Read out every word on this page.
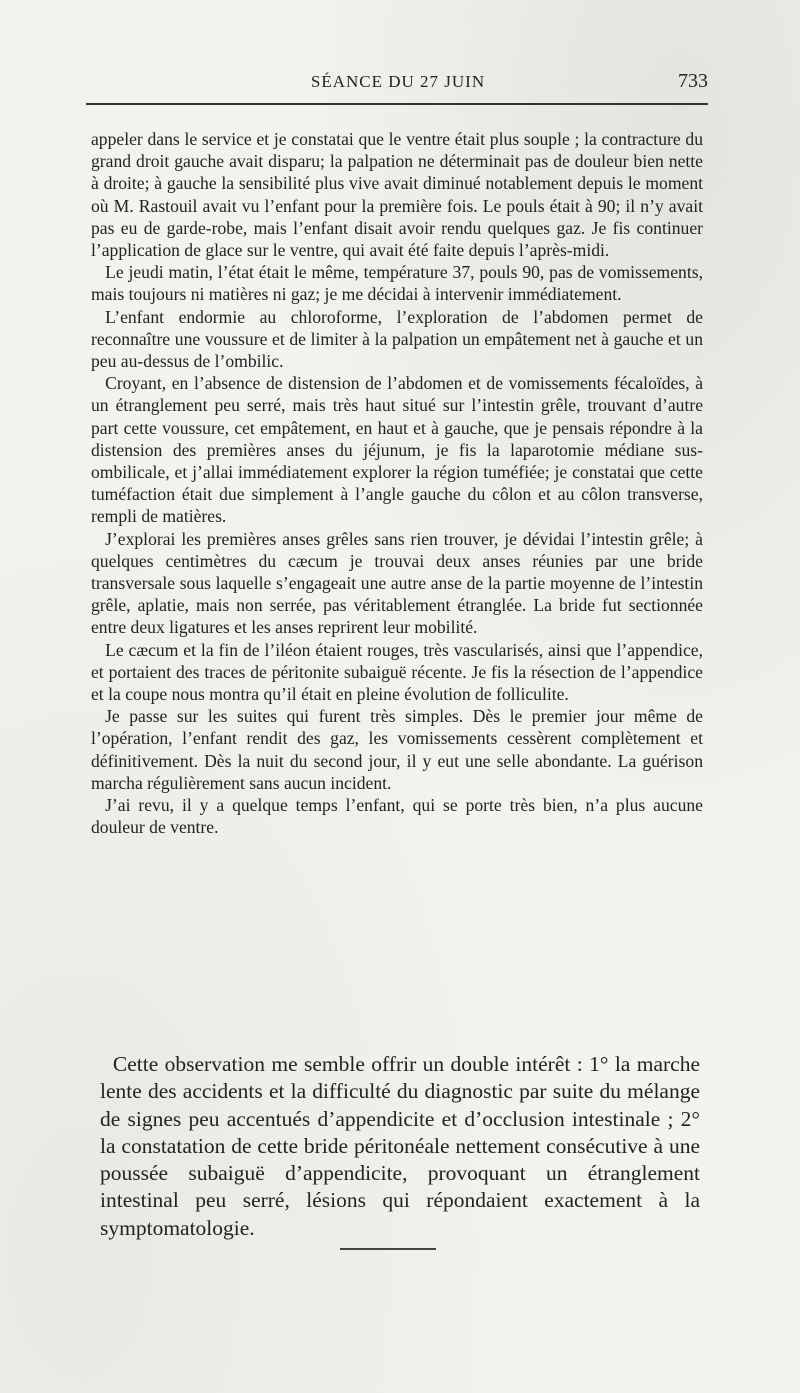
SÉANCE DU 27 JUIN	733

appeler dans le service et je constatai que le ventre était plus souple ; la contracture du grand droit gauche avait disparu; la palpation ne déterminait pas de douleur bien nette à droite; à gauche la sensibilité plus vive avait diminué notablement depuis le moment où M. Rastouil avait vu l’enfant pour la première fois. Le pouls était à 90; il n’y avait pas eu de garde-robe, mais l’enfant disait avoir rendu quelques gaz. Je fis continuer l’application de glace sur le ventre, qui avait été faite depuis l’après-midi.

Le jeudi matin, l’état était le même, température 37, pouls 90, pas de vomissements, mais toujours ni matières ni gaz; je me décidai à intervenir immédiatement.

L’enfant endormie au chloroforme, l’exploration de l’abdomen permet de reconnaître une voussure et de limiter à la palpation un empâtement net à gauche et un peu au-dessus de l’ombilic.

Croyant, en l’absence de distension de l’abdomen et de vomissements fécaloïdes, à un étranglement peu serré, mais très haut situé sur l’intestin grêle, trouvant d’autre part cette voussure, cet empâtement, en haut et à gauche, que je pensais répondre à la distension des premières anses du jéjunum, je fis la laparotomie médiane sus-ombilicale, et j’allai immédiatement explorer la région tuméfiée; je constatai que cette tuméfaction était due simplement à l’angle gauche du côlon et au côlon transverse, rempli de matières.

J’explorai les premières anses grêles sans rien trouver, je dévidai l’intestin grêle; à quelques centimètres du cæcum je trouvai deux anses réunies par une bride transversale sous laquelle s’engageait une autre anse de la partie moyenne de l’intestin grêle, aplatie, mais non serrée, pas véritablement étranglée. La bride fut sectionnée entre deux ligatures et les anses reprirent leur mobilité.

Le cæcum et la fin de l’iléon étaient rouges, très vascularisés, ainsi que l’appendice, et portaient des traces de péritonite subaiguë récente. Je fis la résection de l’appendice et la coupe nous montra qu’il était en pleine évolution de folliculite.

Je passe sur les suites qui furent très simples. Dès le premier jour même de l’opération, l’enfant rendit des gaz, les vomissements cessèrent complètement et définitivement. Dès la nuit du second jour, il y eut une selle abondante. La guérison marcha régulièrement sans aucun incident.

J’ai revu, il y a quelque temps l’enfant, qui se porte très bien, n’a plus aucune douleur de ventre.

Cette observation me semble offrir un double intérêt : 1° la marche lente des accidents et la difficulté du diagnostic par suite du mélange de signes peu accentués d’appendicite et d’occlusion intestinale ; 2° la constatation de cette bride péritonéale nettement consécutive à une poussée subaiguë d’appendicite, provoquant un étranglement intestinal peu serré, lésions qui répondaient exactement à la symptomatologie.
